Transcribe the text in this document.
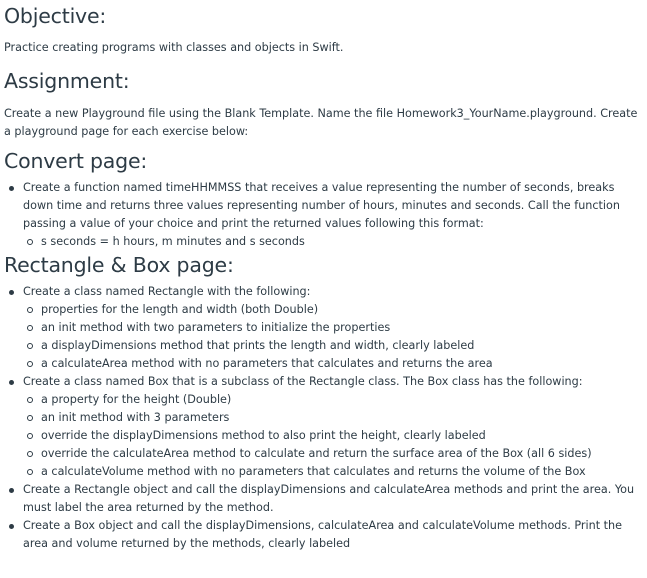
Objective:

Practice creating programs with classes and objects in Swift.

Assignment:

Create a new Playground file using the Blank Template. Name the file Homework3_YourName.playground. Create a playground page for each exercise below:

Convert page:
Create a function named timeHHMMSS that receives a value representing the number of seconds, breaks down time and returns three values representing number of hours, minutes and seconds. Call the function passing a value of your choice and print the returned values following this format:
s seconds = h hours, m minutes and s seconds
Rectangle & Box page:
Create a class named Rectangle with the following:
properties for the length and width (both Double)
an init method with two parameters to initialize the properties
a displayDimensions method that prints the length and width, clearly labeled
a calculateArea method with no parameters that calculates and returns the area
Create a class named Box that is a subclass of the Rectangle class. The Box class has the following:
a property for the height (Double)
an init method with 3 parameters
override the displayDimensions method to also print the height, clearly labeled
override the calculateArea method to calculate and return the surface area of the Box (all 6 sides)
a calculateVolume method with no parameters that calculates and returns the volume of the Box
Create a Rectangle object and call the displayDimensions and calculateArea methods and print the area. You must label the area returned by the method.
Create a Box object and call the displayDimensions, calculateArea and calculateVolume methods. Print the area and volume returned by the methods, clearly labeled
